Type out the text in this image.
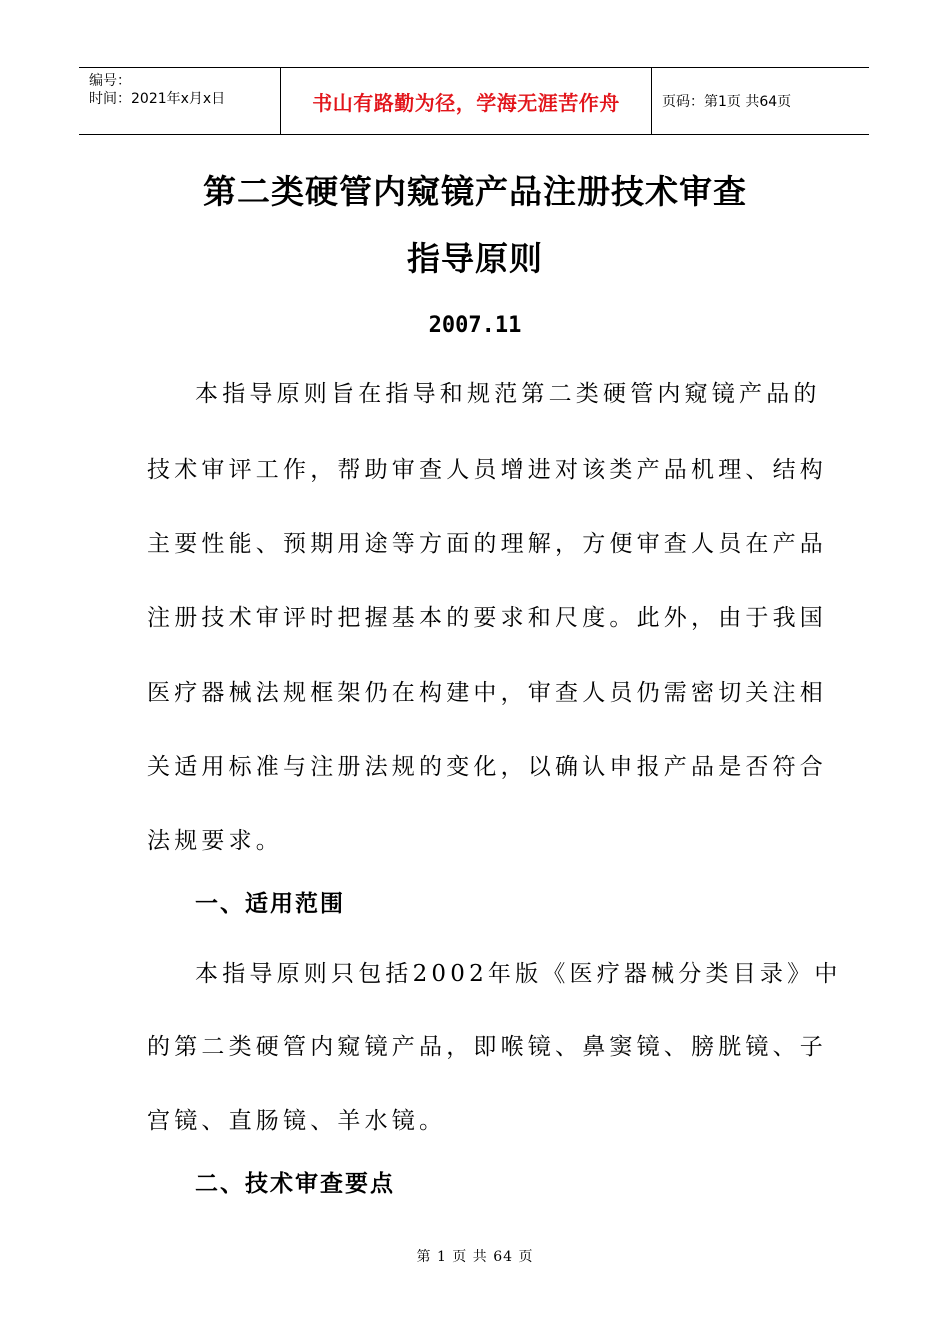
编号：
时间：2021年x月x日	书山有路勤为径，学海无涯苦作舟	页码：第1页 共64页
第二类硬管内窥镜产品注册技术审查
指导原则
2007.11
本指导原则旨在指导和规范第二类硬管内窥镜产品的
技术审评工作，帮助审查人员增进对该类产品机理、结构
主要性能、预期用途等方面的理解，方便审查人员在产品
注册技术审评时把握基本的要求和尺度。此外，由于我国
医疗器械法规框架仍在构建中，审查人员仍需密切关注相
关适用标准与注册法规的变化，以确认申报产品是否符合
法规要求。
一、适用范围
本指导原则只包括2002年版《医疗器械分类目录》中
的第二类硬管内窥镜产品，即喉镜、鼻窦镜、膀胱镜、子
宫镜、直肠镜、羊水镜。
二、技术审查要点
第 1 页 共 64 页
